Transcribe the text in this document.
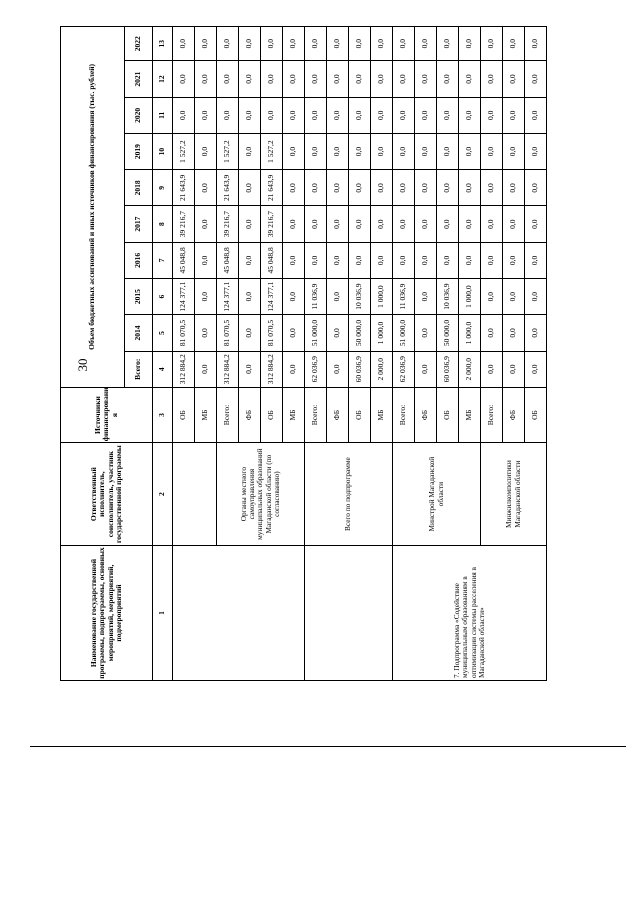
30
Наименование государственной программы, подпрограммы, основных мероприятий, мероприятий, подмероприятий	Ответственный исполнитель, соисполнитель, участник государственной программы	Источники финансировани я	Объем бюджетных ассигнований и иных источников финансирования (тыс. рублей)									
			Всего:	2014	2015	2016	2017	2018	2019	2020	2021	2022
1	2	3	4	5	6	7	8	9	10	11	12	13
		ОБ	312 884,2	81 070,5	124 377,1	45 048,8	39 216,7	21 643,9	1 527,2	0,0	0,0	0,0
		МБ	0,0	0,0	0,0	0,0	0,0	0,0	0,0	0,0	0,0	0,0
	Органы местного самоуправления муниципальных образований Магаданской области (по согласованию)	Всего:	312 884,2	81 070,5	124 377,1	45 048,8	39 216,7	21 643,9	1 527,2	0,0	0,0	0,0
		ФБ	0,0	0,0	0,0	0,0	0,0	0,0	0,0	0,0	0,0	0,0
		ОБ	312 884,2	81 070,5	124 377,1	45 048,8	39 216,7	21 643,9	1 527,2	0,0	0,0	0,0
		МБ	0,0	0,0	0,0	0,0	0,0	0,0	0,0	0,0	0,0	0,0
	Всего по подпрограмме	Всего:	62 036,9	51 000,0	11 036,9	0,0	0,0	0,0	0,0	0,0	0,0	0,0
		ФБ	0,0	0,0	0,0	0,0	0,0	0,0	0,0	0,0	0,0	0,0
		ОБ	60 036,9	50 000,0	10 036,9	0,0	0,0	0,0	0,0	0,0	0,0	0,0
		МБ	2 000,0	1 000,0	1 000,0	0,0	0,0	0,0	0,0	0,0	0,0	0,0
7. Подпрограмма «Содействие муниципальным образованиям в оптимизации системы расселения в Магаданской области»	Минстрой Магаданской области	Всего:	62 036,9	51 000,0	11 036,9	0,0	0,0	0,0	0,0	0,0	0,0	0,0
		ФБ	0,0	0,0	0,0	0,0	0,0	0,0	0,0	0,0	0,0	0,0
		ОБ	60 036,9	50 000,0	10 036,9	0,0	0,0	0,0	0,0	0,0	0,0	0,0
		МБ	2 000,0	1 000,0	1 000,0	0,0	0,0	0,0	0,0	0,0	0,0	0,0
	Минжилкомполитики Магаданской области	Всего:	0,0	0,0	0,0	0,0	0,0	0,0	0,0	0,0	0,0	0,0
		ФБ	0,0	0,0	0,0	0,0	0,0	0,0	0,0	0,0	0,0	0,0
		ОБ	0,0	0,0	0,0	0,0	0,0	0,0	0,0	0,0	0,0	0,0
